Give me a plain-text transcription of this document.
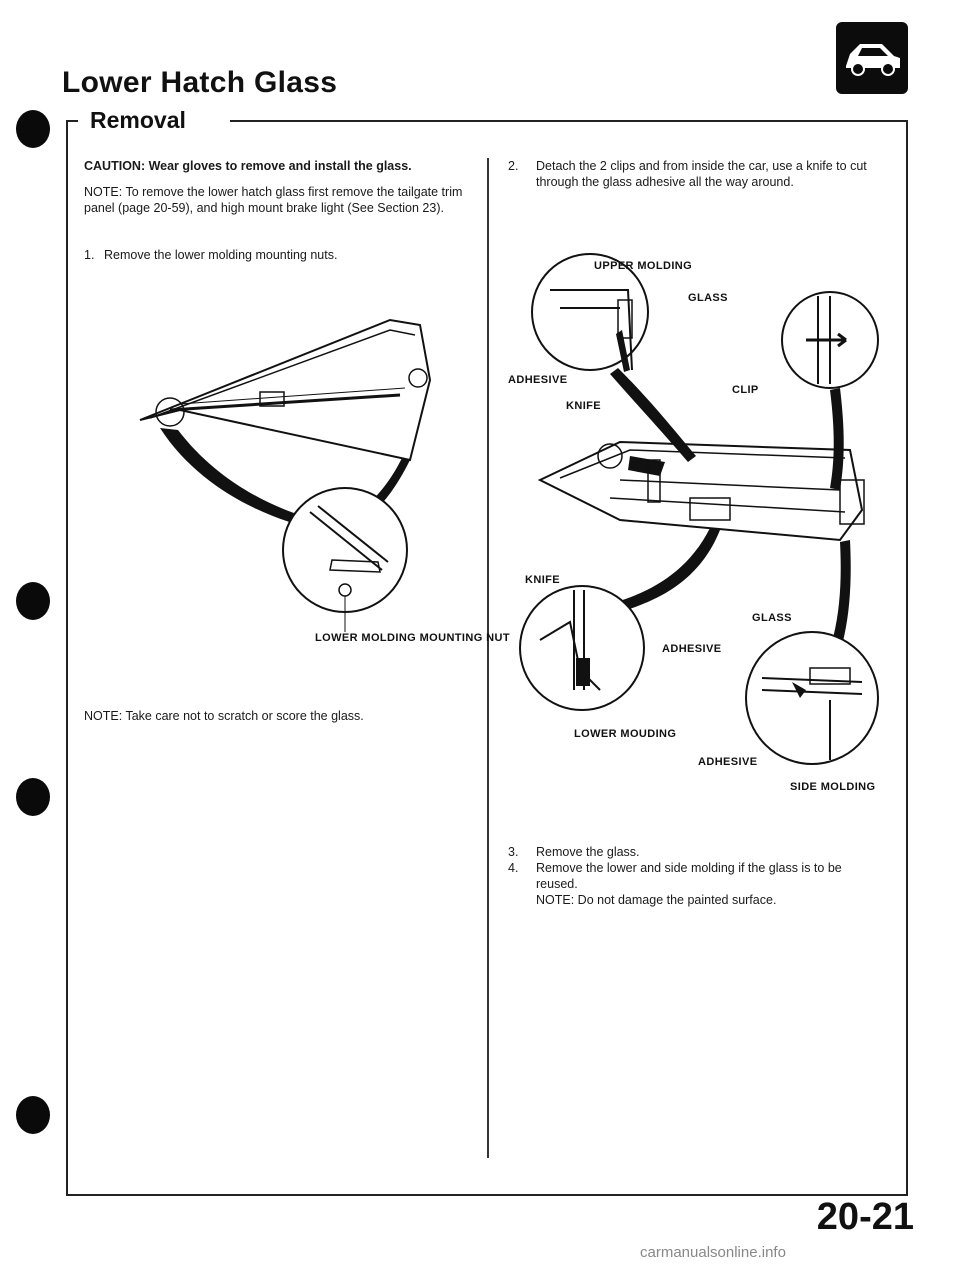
Lower Hatch Glass
Removal
CAUTION: Wear gloves to remove and install the glass.
NOTE: To remove the lower hatch glass first remove the tailgate trim panel (page 20-59), and high mount brake light (See Section 23).
1. Remove the lower molding mounting nuts.
LOWER MOLDING MOUNTING NUT
NOTE: Take care not to scratch or score the glass.
2. Detach the 2 clips and from inside the car, use a knife to cut through the glass adhesive all the way around.
UPPER MOLDING
GLASS
ADHESIVE
CLIP
KNIFE
KNIFE
GLASS
ADHESIVE
LOWER MOUDING
ADHESIVE
SIDE MOLDING
3. Remove the glass.
4. Remove the lower and side molding if the glass is to be reused.
NOTE: Do not damage the painted surface.
20-21
carmanualsonline.info
